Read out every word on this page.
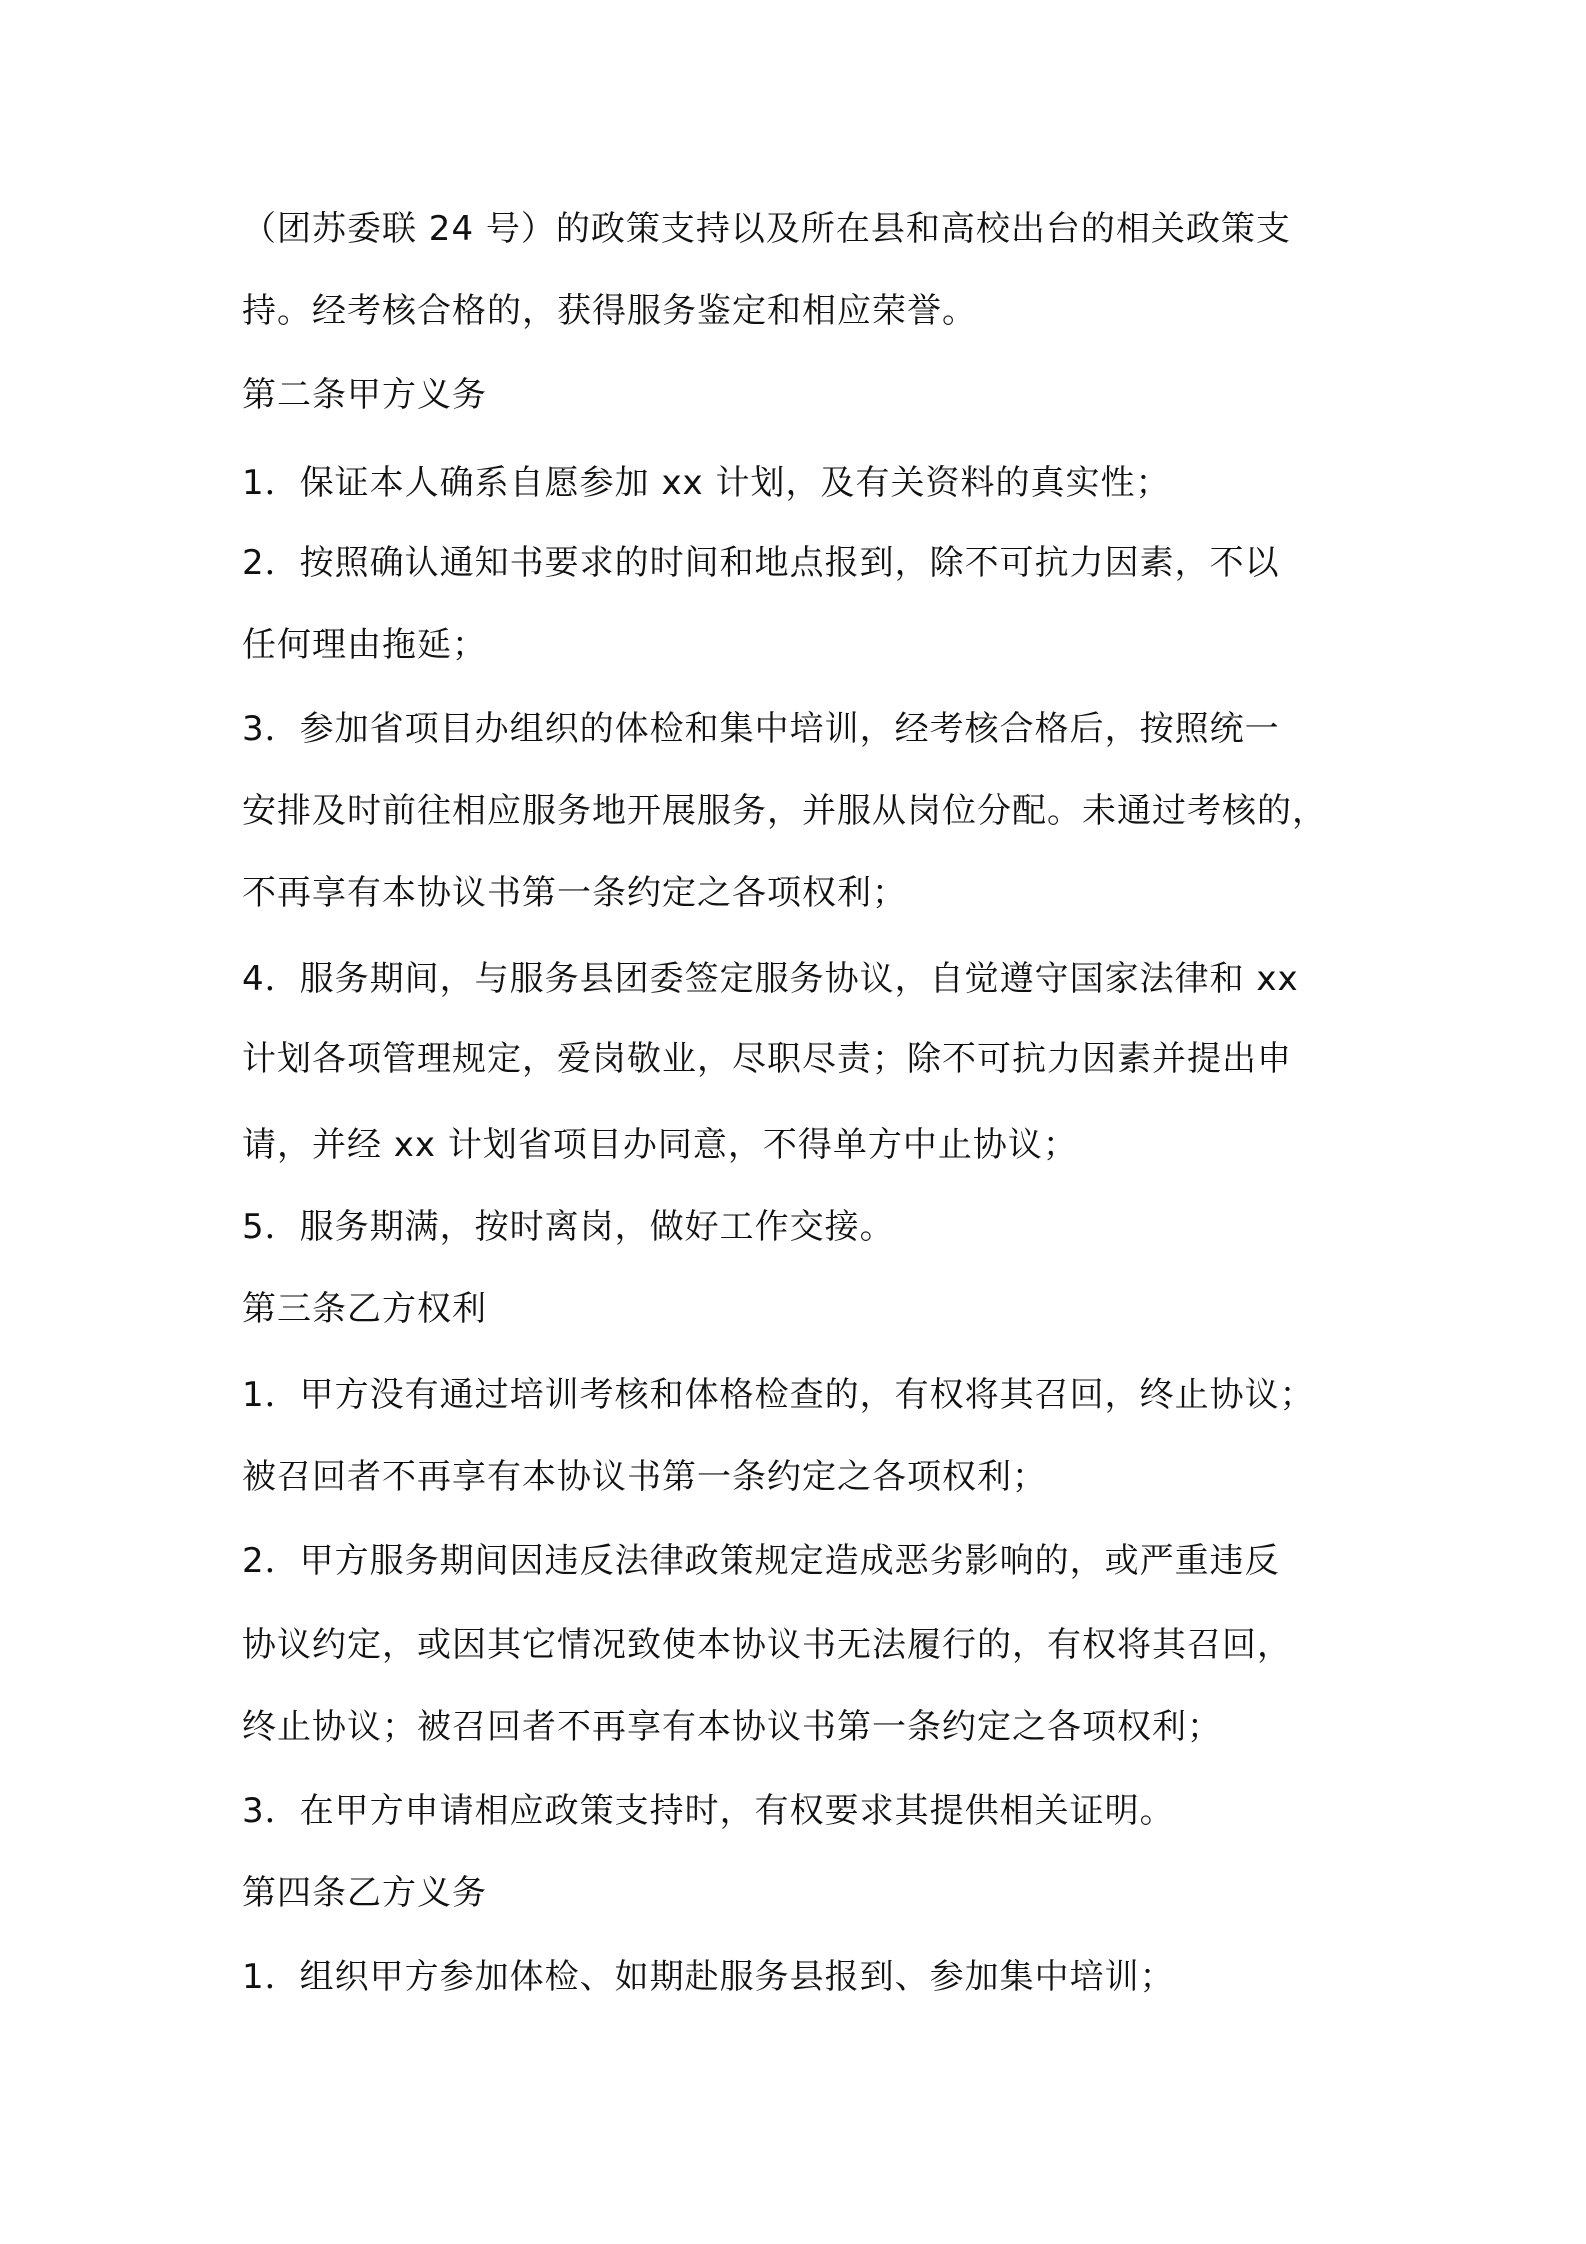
（团苏委联 24 号）的政策支持以及所在县和高校出台的相关政策支
持。经考核合格的，获得服务鉴定和相应荣誉。
第二条甲方义务
1．保证本人确系自愿参加 xx 计划，及有关资料的真实性；
2．按照确认通知书要求的时间和地点报到，除不可抗力因素，不以
任何理由拖延；
3．参加省项目办组织的体检和集中培训，经考核合格后，按照统一
安排及时前往相应服务地开展服务，并服从岗位分配。未通过考核的，
不再享有本协议书第一条约定之各项权利；
4．服务期间，与服务县团委签定服务协议，自觉遵守国家法律和 xx
计划各项管理规定，爱岗敬业，尽职尽责；除不可抗力因素并提出申
请，并经 xx 计划省项目办同意，不得单方中止协议；
5．服务期满，按时离岗，做好工作交接。
第三条乙方权利
1．甲方没有通过培训考核和体格检查的，有权将其召回，终止协议；
被召回者不再享有本协议书第一条约定之各项权利；
2．甲方服务期间因违反法律政策规定造成恶劣影响的，或严重违反
协议约定，或因其它情况致使本协议书无法履行的，有权将其召回，
终止协议；被召回者不再享有本协议书第一条约定之各项权利；
3．在甲方申请相应政策支持时，有权要求其提供相关证明。
第四条乙方义务
1．组织甲方参加体检、如期赴服务县报到、参加集中培训；
